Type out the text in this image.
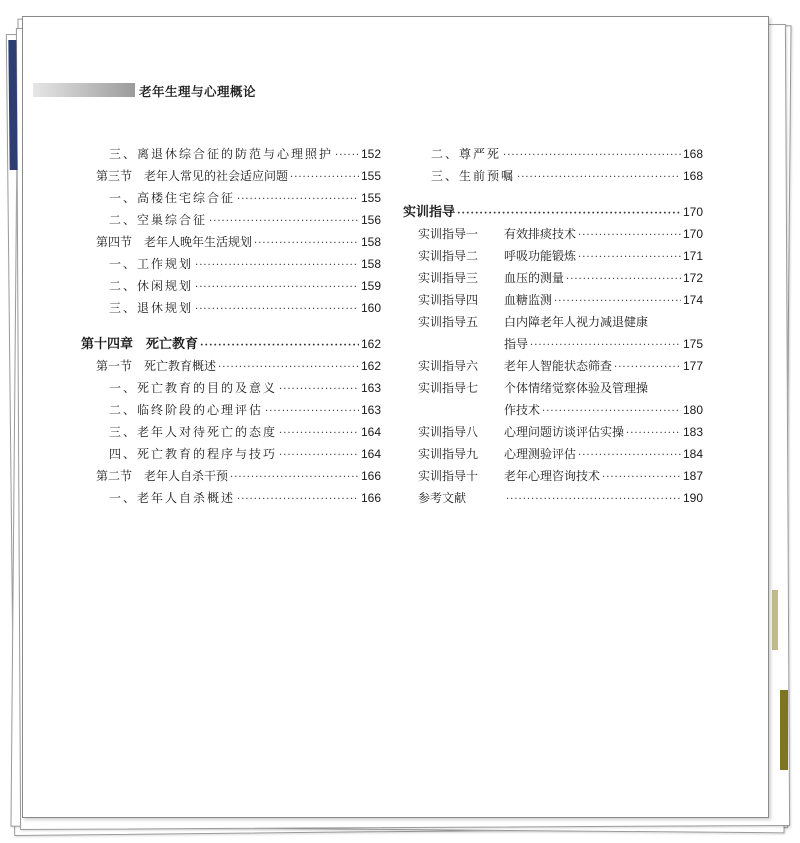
老年生理与心理概论
三、离退休综合征的防范与心理照护 ····· 152
第三节　老年人常见的社会适应问题 ·····	155
一、高楼住宅综合征 ·····	155
二、空巢综合征 ·····	156
第四节　老年人晚年生活规划 ·····	158
一、工作规划 ·····	158
二、休闲规划 ·····	159
三、退休规划 ·····	160
第十四章　死亡教育 ·····	162
第一节　死亡教育概述 ·····	162
一、死亡教育的目的及意义 ·····	163
二、临终阶段的心理评估 ·····	163
三、老年人对待死亡的态度 ·····	164
四、死亡教育的程序与技巧 ·····	164
第二节　老年人自杀干预 ·····	166
一、老年人自杀概述 ·····	166
二、尊严死 ·····	168
三、生前预嘱 ·····	168
实训指导 ·····	170
实训指导一	有效排痰技术 ·····	170
实训指导二	呼吸功能锻炼 ·····	171
实训指导三	血压的测量 ·····	172
实训指导四	血糖监测 ·····	174
实训指导五	白内障老年人视力减退健康
指导 ·····	175
实训指导六	老年人智能状态筛查 ·····	177
实训指导七	个体情绪觉察体验及管理操
作技术 ·····	180
实训指导八	心理问题访谈评估实操 ·····	183
实训指导九	心理测验评估 ·····	184
实训指导十	老年心理咨询技术 ·····	187
参考文献 ·····	190
